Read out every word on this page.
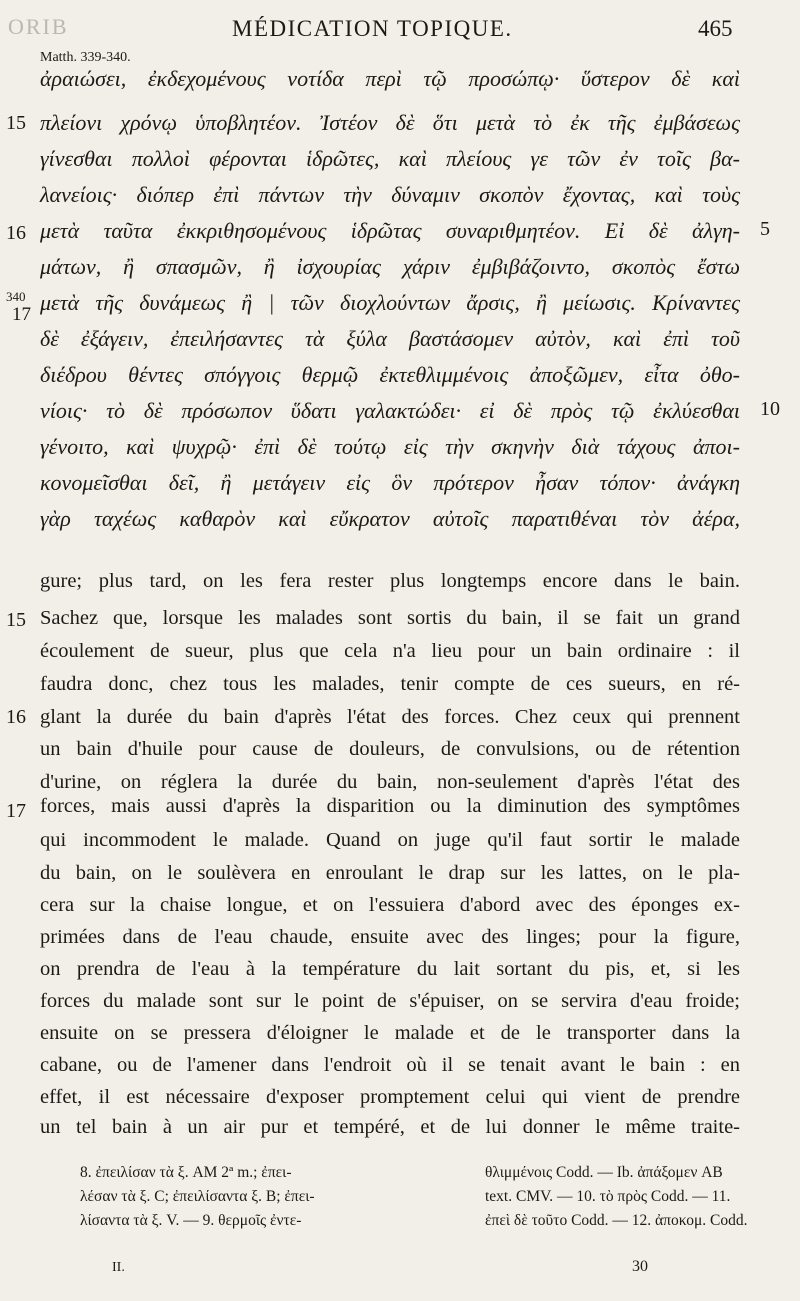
ORIB	MÉDICATION TOPIQUE.	465
Matth. 339-340.
ἀραιώσει, ἐκδεχομένους νοτίδα περὶ τῷ προσώπῳ· ὕστερον δὲ καὶ
πλείονι χρόνῳ ὑποβλητέον. Ἰστέον δὲ ὅτι μετὰ τὸ ἐκ τῆς ἐμβάσεως
γίνεσθαι πολλοὶ φέρονται ἱδρῶτες, καὶ πλείους γε τῶν ἐν τοῖς βα-
λανείοις· διόπερ ἐπὶ πάντων τὴν δύναμιν σκοπὸν ἔχοντας, καὶ τοὺς
μετὰ ταῦτα ἐκκριθησομένους ἱδρῶτας συναριθμητέον. Εἰ δὲ ἀλγη-
μάτων, ἢ σπασμῶν, ἢ ἰσχουρίας χάριν ἐμβιβάζοιντο, σκοπὸς ἔστω
μετὰ τῆς δυνάμεως ἢ | τῶν διοχλούντων ἄρσις, ἢ μείωσις. Κρίναντες
δὲ ἐξάγειν, ἐπειλήσαντες τὰ ξύλα βαστάσομεν αὐτὸν, καὶ ἐπὶ τοῦ
διέδρου θέντες σπόγγοις θερμῷ ἐκτεθλιμμένοις ἀποξῶμεν, εἶτα ὀθο-
νίοις· τὸ δὲ πρόσωπον ὕδατι γαλακτώδει· εἰ δὲ πρὸς τῷ ἐκλύεσθαι
γένοιτο, καὶ ψυχρῷ· ἐπὶ δὲ τούτῳ εἰς τὴν σκηνὴν διὰ τάχους ἀποι-
κονομεῖσθαι δεῖ, ἢ μετάγειν εἰς ὃν πρότερον ἦσαν τόπον· ἀνάγκη
γὰρ ταχέως καθαρὸν καὶ εὔκρατον αὐτοῖς παρατιθέναι τὸν ἀέρα,
15
16
340
17
5
10
gure; plus tard, on les fera rester plus longtemps encore dans le bain.
Sachez que, lorsque les malades sont sortis du bain, il se fait un grand
écoulement de sueur, plus que cela n'a lieu pour un bain ordinaire : il
faudra donc, chez tous les malades, tenir compte de ces sueurs, en ré-
glant la durée du bain d'après l'état des forces. Chez ceux qui prennent
un bain d'huile pour cause de douleurs, de convulsions, ou de rétention
d'urine, on réglera la durée du bain, non-seulement d'après l'état des
forces, mais aussi d'après la disparition ou la diminution des symptômes
qui incommodent le malade. Quand on juge qu'il faut sortir le malade
du bain, on le soulèvera en enroulant le drap sur les lattes, on le pla-
cera sur la chaise longue, et on l'essuiera d'abord avec des éponges ex-
primées dans de l'eau chaude, ensuite avec des linges; pour la figure,
on prendra de l'eau à la température du lait sortant du pis, et, si les
forces du malade sont sur le point de s'épuiser, on se servira d'eau froide;
ensuite on se pressera d'éloigner le malade et de le transporter dans la
cabane, ou de l'amener dans l'endroit où il se tenait avant le bain : en
effet, il est nécessaire d'exposer promptement celui qui vient de prendre
un tel bain à un air pur et tempéré, et de lui donner le même traite-
15
16
17
8. ἐπειλίσαν τὰ ξ. AM 2ª m.; ἐπει-
λέσαν τὰ ξ. C; ἐπειλίσαντα ξ. B; ἐπει-
λίσαντα τὰ ξ. V. — 9. θερμοῖς ἐντε-
θλιμμένοις Codd. — Ib. ἀπάξομεν AB
text. CMV. — 10. τὸ πρὸς Codd. — 11.
ἐπεὶ δὲ τοῦτο Codd. — 12. ἀποκομ. Codd.
II.	30
